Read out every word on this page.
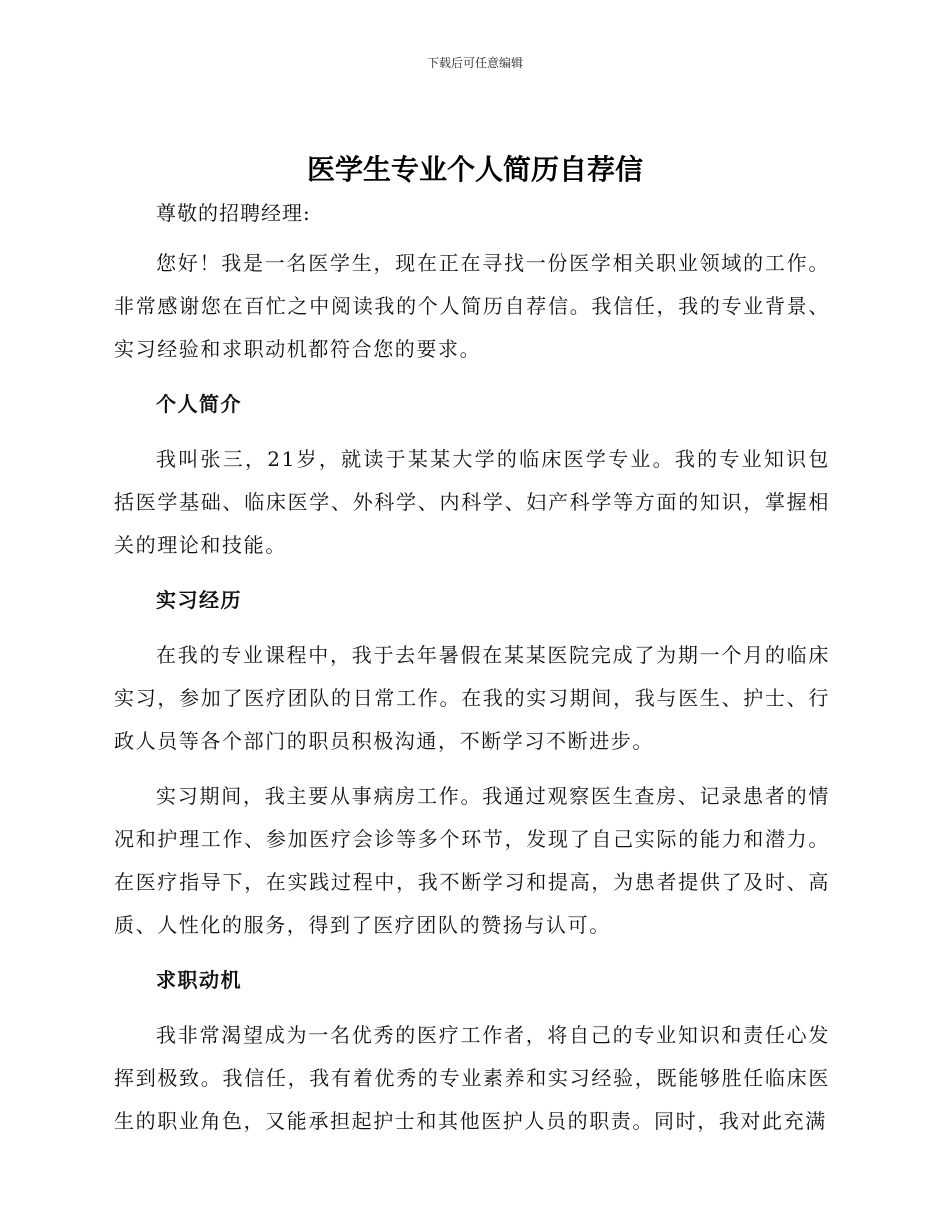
下载后可任意编辑
医学生专业个人简历自荐信

尊敬的招聘经理:

您好！我是一名医学生，现在正在寻找一份医学相关职业领域的工作。非常感谢您在百忙之中阅读我的个人简历自荐信。我信任，我的专业背景、实习经验和求职动机都符合您的要求。

个人简介

我叫张三，21岁，就读于某某大学的临床医学专业。我的专业知识包括医学基础、临床医学、外科学、内科学、妇产科学等方面的知识，掌握相关的理论和技能。

实习经历

在我的专业课程中，我于去年暑假在某某医院完成了为期一个月的临床实习，参加了医疗团队的日常工作。在我的实习期间，我与医生、护士、行政人员等各个部门的职员积极沟通，不断学习不断进步。

实习期间，我主要从事病房工作。我通过观察医生查房、记录患者的情况和护理工作、参加医疗会诊等多个环节，发现了自己实际的能力和潜力。在医疗指导下，在实践过程中，我不断学习和提高，为患者提供了及时、高质、人性化的服务，得到了医疗团队的赞扬与认可。

求职动机

我非常渴望成为一名优秀的医疗工作者，将自己的专业知识和责任心发挥到极致。我信任，我有着优秀的专业素养和实习经验，既能够胜任临床医生的职业角色，又能承担起护士和其他医护人员的职责。同时，我对此充满
